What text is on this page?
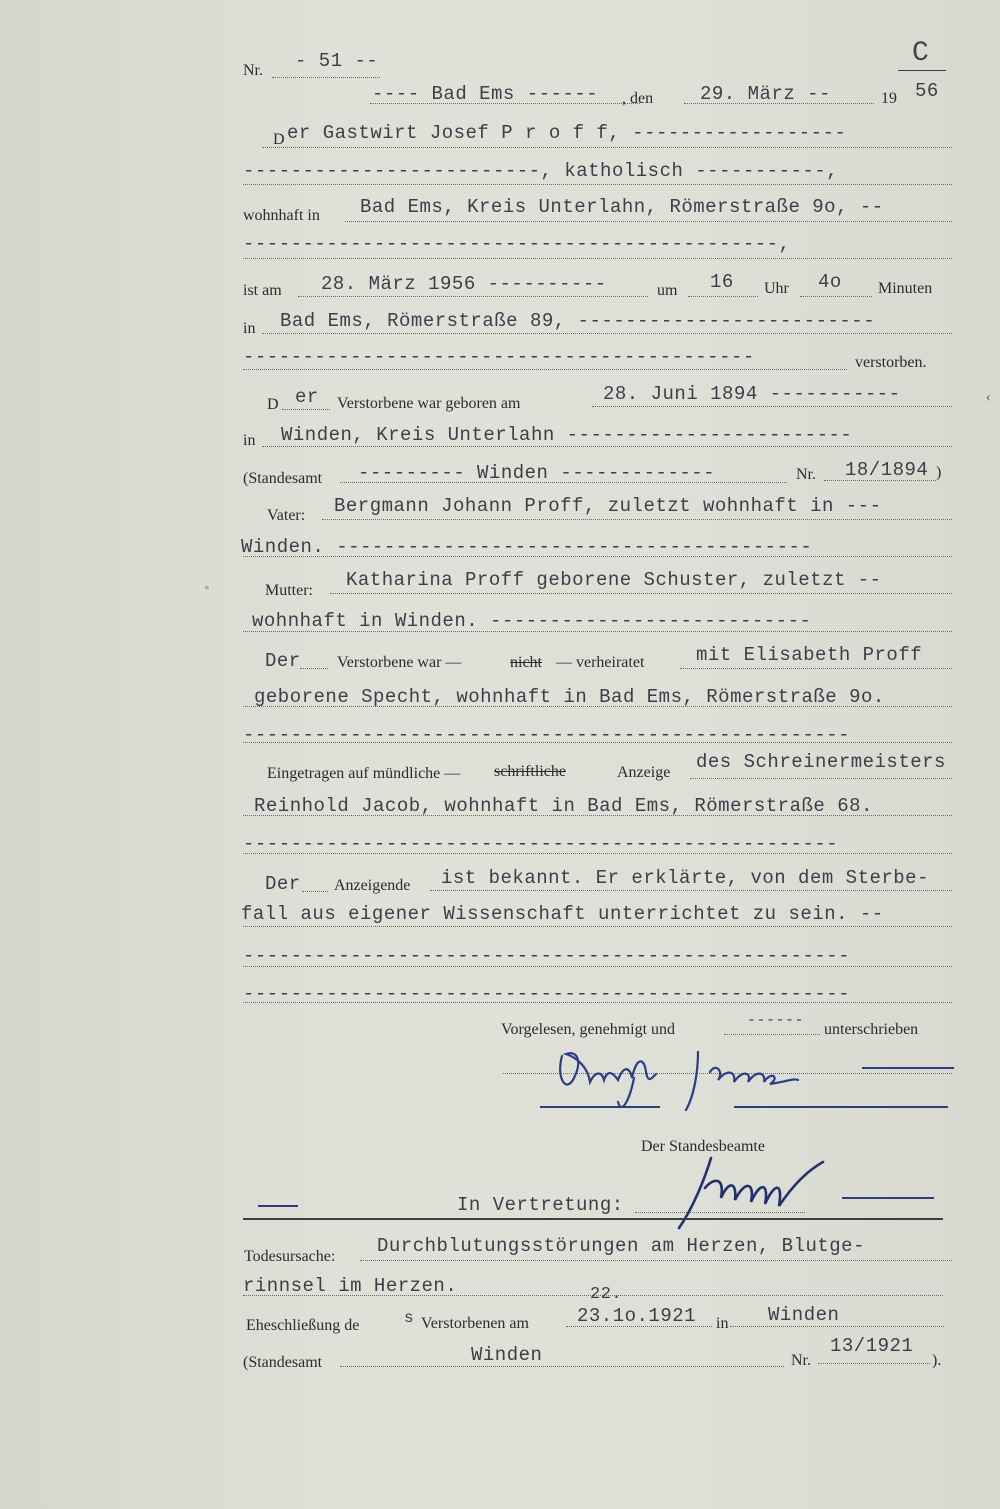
Nr. - 51 --	C
---- Bad Ems ------ , den 29. März --	19 56
D er Gastwirt Josef P r o f f, ------------------
-------------------------, katholisch -----------,
wohnhaft in Bad Ems, Kreis Unterlahn, Römerstraße 9o, --
---------------------------------------------,
ist am 28. März 1956 ----------	um 16 Uhr 4o Minuten
in Bad Ems, Römerstraße 89, -------------------------
-------------------------------------------	verstorben.
D er Verstorbene war geboren am	28. Juni 1894 -----------
in Winden, Kreis Unterlahn ------------------------
(Standesamt --------- Winden -------------	Nr. 18/1894 )
Vater: Bergmann Johann Proff, zuletzt wohnhaft in ---
Winden. ----------------------------------------
Mutter: Katharina Proff geborene Schuster, zuletzt --
wohnhaft in Winden. ---------------------------
Der Verstorbene war —	nicht — verheiratet	mit Elisabeth Proff
geborene Specht, wohnhaft in Bad Ems, Römerstraße 9o.
---------------------------------------------------
Eingetragen auf mündliche — schriftliche	Anzeige des Schreinermeisters
Reinhold Jacob, wohnhaft in Bad Ems, Römerstraße 68.
--------------------------------------------------
Der Anzeigende ist bekannt. Er erklärte, von dem Sterbe-
fall aus eigener Wissenschaft unterrichtet zu sein. --
---------------------------------------------------
---------------------------------------------------
Vorgelesen, genehmigt und
------
unterschrieben
Der Standesbeamte
In Vertretung:
Todesursache: Durchblutungsstörungen am Herzen, Blutge-
rinnsel im Herzen.
Eheschließung de	s Verstorbenen am
22.
23.1o.1921 in Winden
(Standesamt	Winden	Nr.
13/1921
).
‹
°
